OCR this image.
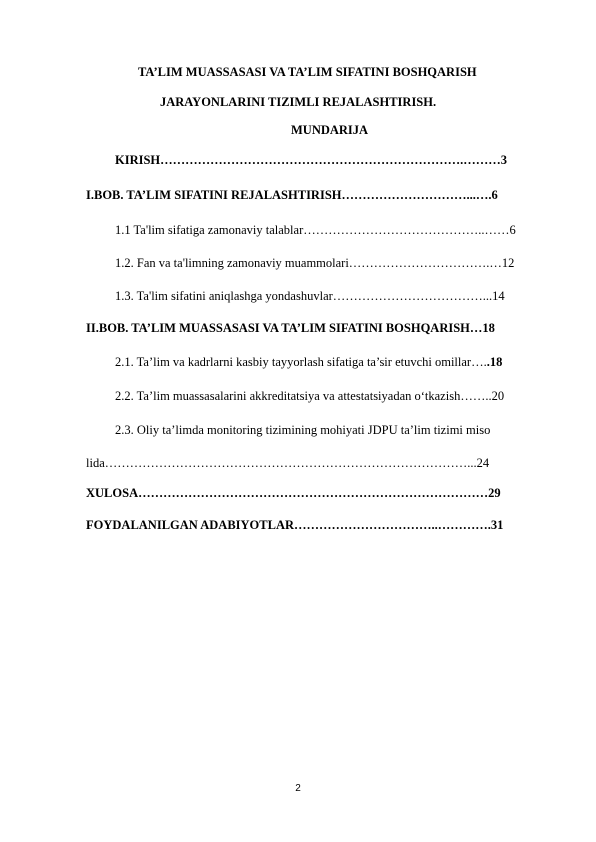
TA’LIM MUASSASASI VA TA’LIM SIFATINI BOSHQARISH
JARAYONLARINI TIZIMLI REJALASHTIRISH.
MUNDARIJA
KIRISH……………………………………………………………….………3
I.BOB. TA’LIM SIFATINI REJALASHTIRISH…………………………...….6
1.1 Ta'lim sifatiga zamonaviy talablar……………………………………..……6
1.2. Fan va ta'limning zamonaviy muammolari…………………………….…12
1.3. Ta'lim sifatini aniqlashga yondashuvlar………………………………...14
II.BOB. TA’LIM MUASSASASI VA TA’LIM SIFATINI BOSHQARISH…18
2.1. Ta’lim va kadrlarni kasbiy tayyorlash sifatiga ta’sir etuvchi omillar…..18
2.2. Ta’lim muassasalarini akkreditatsiya va attestatsiyadan o‘tkazish……..20
2.3. Oliy ta’limda monitoring tizimining mohiyati JDPU ta’lim tizimi miso
lida……………………………………………………………………………...24
XULOSA…………………………………………………………………………29
FOYDALANILGAN ADABIYOTLAR……………………………..………….31
2
